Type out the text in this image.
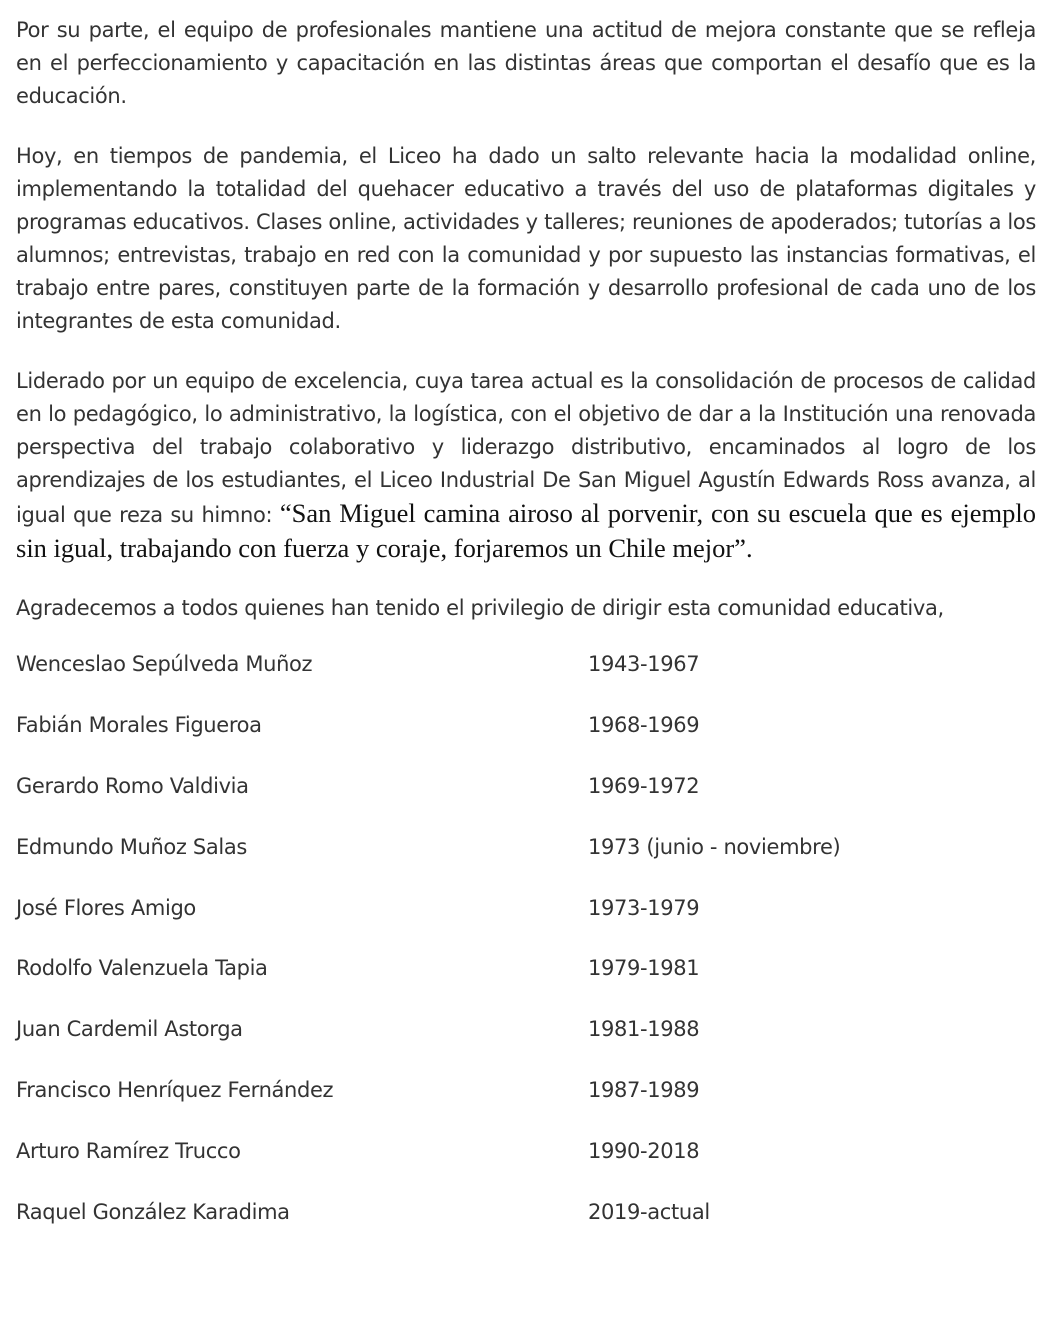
Por su parte, el equipo de profesionales mantiene una actitud de mejora constante que se refleja en el perfeccionamiento y capacitación en las distintas áreas que comportan el desafío que es la educación.

Hoy, en tiempos de pandemia, el Liceo ha dado un salto relevante hacia la modalidad online, implementando la totalidad del quehacer educativo a través del uso de plataformas digitales y programas educativos. Clases online, actividades y talleres; reuniones de apoderados; tutorías a los alumnos; entrevistas, trabajo en red con la comunidad y por supuesto las instancias formativas, el trabajo entre pares, constituyen parte de la formación y desarrollo profesional de cada uno de los integrantes de esta comunidad.

Liderado por un equipo de excelencia, cuya tarea actual es la consolidación de procesos de calidad en lo pedagógico, lo administrativo, la logística, con el objetivo de dar a la Institución una renovada perspectiva del trabajo colaborativo y liderazgo distributivo, encaminados al logro de los aprendizajes de los estudiantes, el Liceo Industrial De San Miguel Agustín Edwards Ross avanza, al igual que reza su himno: “San Miguel camina airoso al porvenir, con su escuela que es ejemplo sin igual, trabajando con fuerza y coraje, forjaremos un Chile mejor”.

Agradecemos a todos quienes han tenido el privilegio de dirigir esta comunidad educativa,

Wenceslao Sepúlveda Muñoz	1943-1967
Fabián Morales Figueroa	1968-1969
Gerardo Romo Valdivia	1969-1972
Edmundo Muñoz Salas	1973 (junio - noviembre)
José Flores Amigo	1973-1979
Rodolfo Valenzuela Tapia	1979-1981
Juan Cardemil Astorga	1981-1988
Francisco Henríquez Fernández	1987-1989
Arturo Ramírez Trucco	1990-2018
Raquel González Karadima	2019-actual
